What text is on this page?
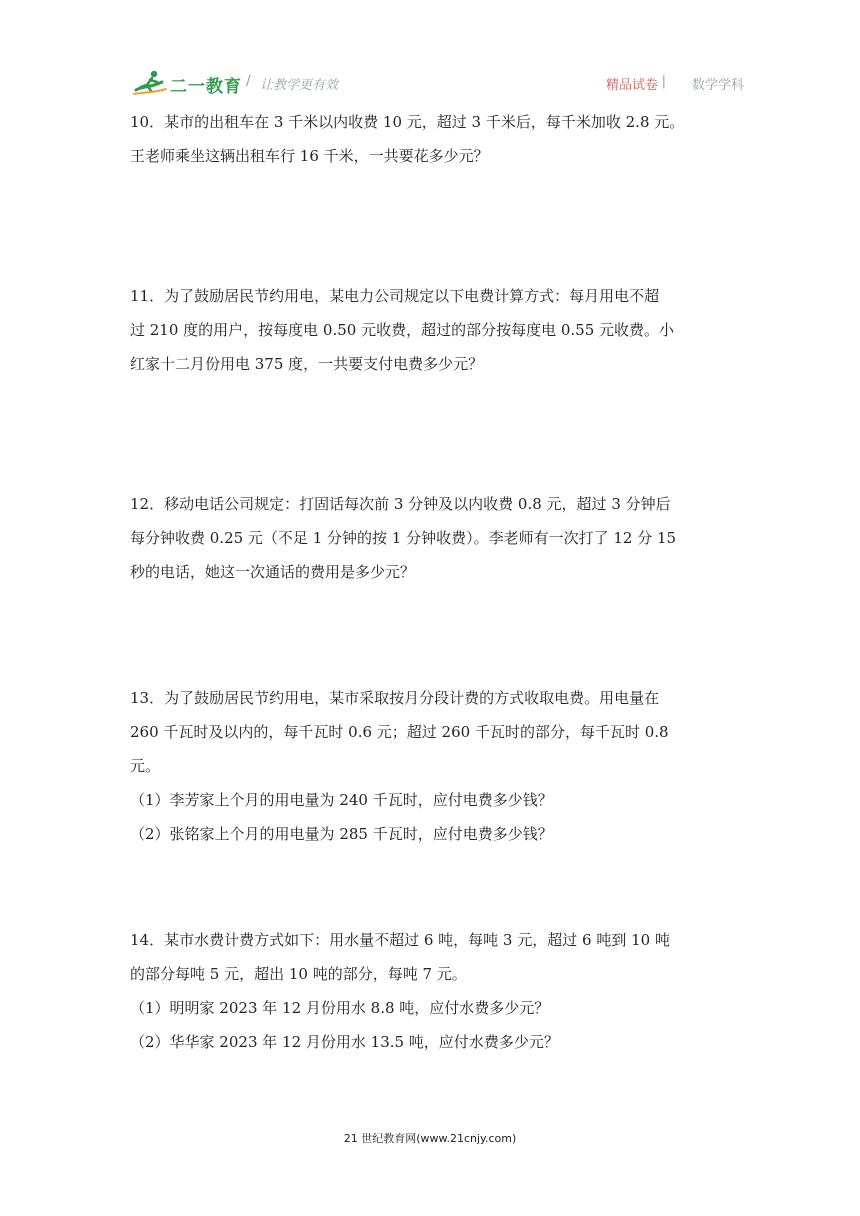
二一教育 / 让教学更有效	精品试卷 | 数学学科

10．某市的出租车在 3 千米以内收费 10 元，超过 3 千米后，每千米加收 2.8 元。

王老师乘坐这辆出租车行 16 千米，一共要花多少元？

11．为了鼓励居民节约用电，某电力公司规定以下电费计算方式：每月用电不超

过 210 度的用户，按每度电 0.50 元收费，超过的部分按每度电 0.55 元收费。小

红家十二月份用电 375 度，一共要支付电费多少元？

12．移动电话公司规定：打固话每次前 3 分钟及以内收费 0.8 元，超过 3 分钟后

每分钟收费 0.25 元（不足 1 分钟的按 1 分钟收费）。李老师有一次打了 12 分 15

秒的电话，她这一次通话的费用是多少元？

13．为了鼓励居民节约用电，某市采取按月分段计费的方式收取电费。用电量在

260 千瓦时及以内的，每千瓦时 0.6 元；超过 260 千瓦时的部分，每千瓦时 0.8

元。

（1）李芳家上个月的用电量为 240 千瓦时，应付电费多少钱？

（2）张铭家上个月的用电量为 285 千瓦时，应付电费多少钱？

14．某市水费计费方式如下：用水量不超过 6 吨，每吨 3 元，超过 6 吨到 10 吨

的部分每吨 5 元，超出 10 吨的部分，每吨 7 元。

（1）明明家 2023 年 12 月份用水 8.8 吨，应付水费多少元？

（2）华华家 2023 年 12 月份用水 13.5 吨，应付水费多少元？

21 世纪教育网(www.21cnjy.com)
